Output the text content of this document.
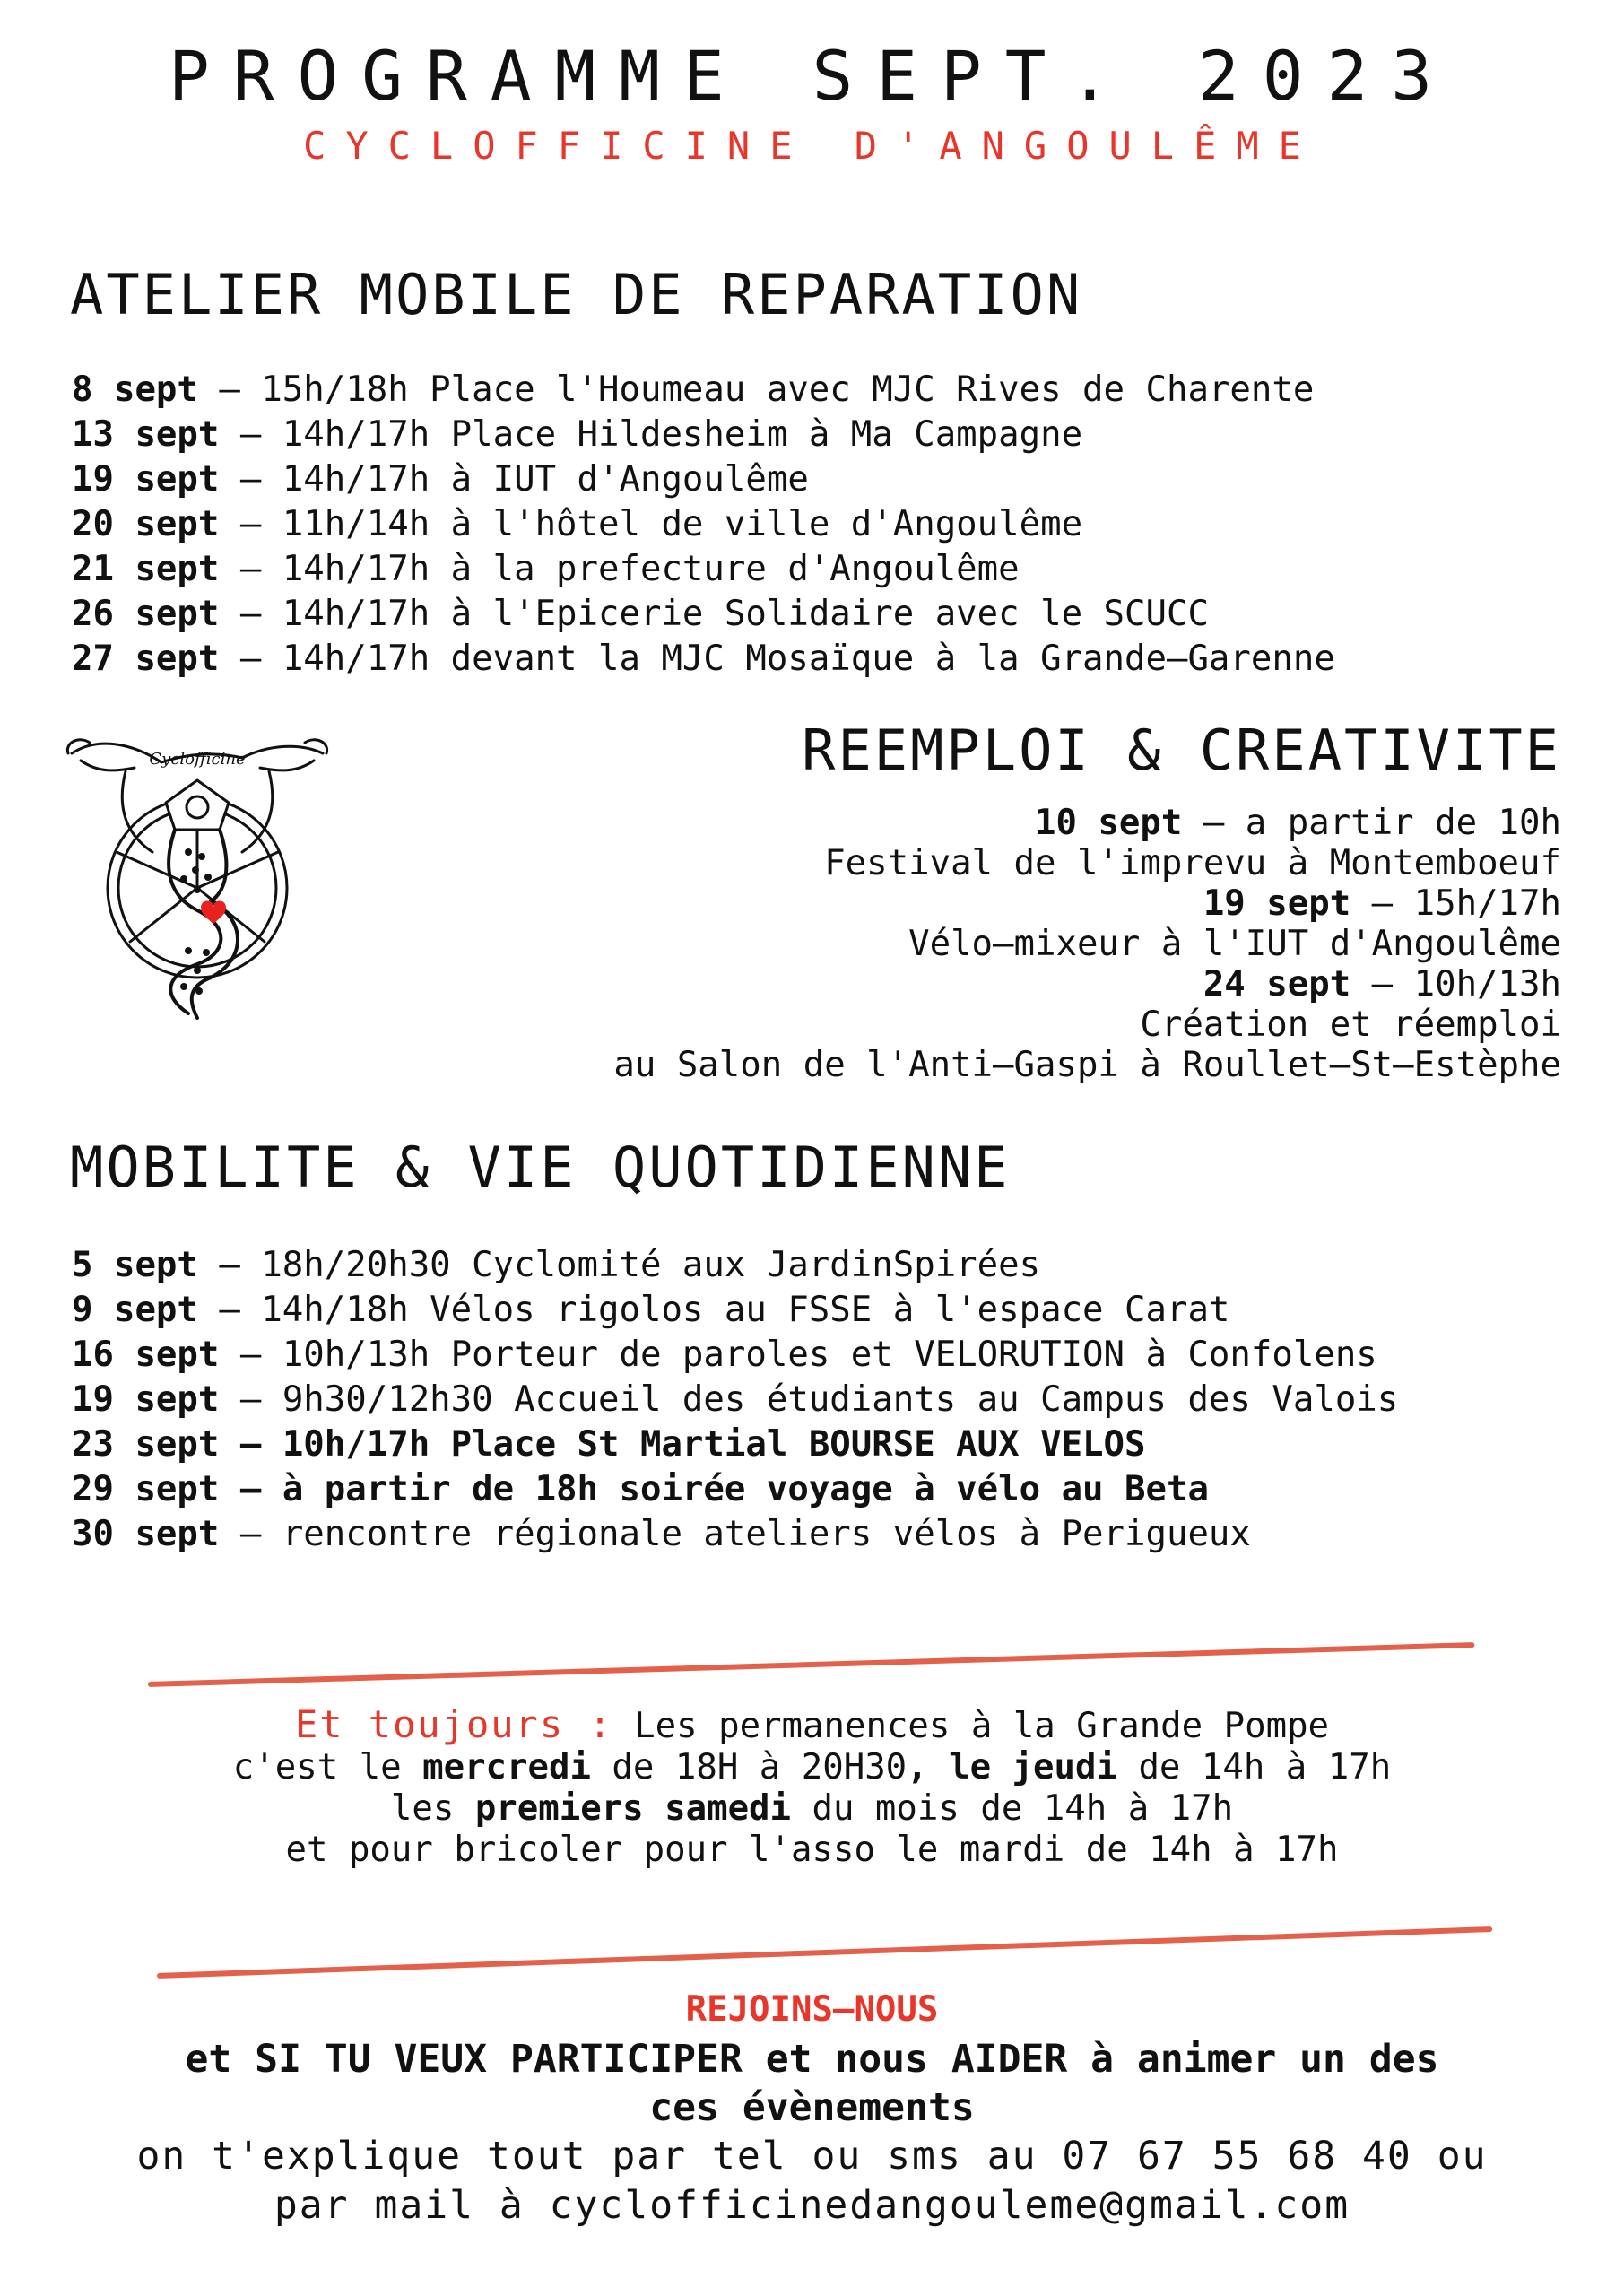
PROGRAMME SEPT. 2023
CYCLOFFICINE D'ANGOULÊME
ATELIER MOBILE DE REPARATION
8 sept – 15h/18h Place l'Houmeau avec MJC Rives de Charente
13 sept – 14h/17h Place Hildesheim à Ma Campagne
19 sept – 14h/17h à IUT d'Angoulême
20 sept – 11h/14h à l'hôtel de ville d'Angoulême
21 sept – 14h/17h à la prefecture d'Angoulême
26 sept – 14h/17h à l'Epicerie Solidaire avec le SCUCC
27 sept – 14h/17h devant la MJC Mosaïque à la Grande–Garenne
Cyclofficine	REEMPLOI & CREATIVITE
10 sept – a partir de 10h
Festival de l'imprevu à Montemboeuf
19 sept – 15h/17h
Vélo–mixeur à l'IUT d'Angoulême
24 sept – 10h/13h
Création et réemploi
au Salon de l'Anti–Gaspi à Roullet–St–Estèphe
MOBILITE & VIE QUOTIDIENNE
5 sept – 18h/20h30 Cyclomité aux JardinSpirées
9 sept – 14h/18h Vélos rigolos au FSSE à l'espace Carat
16 sept – 10h/13h Porteur de paroles et VELORUTION à Confolens
19 sept – 9h30/12h30 Accueil des étudiants au Campus des Valois
23 sept – 10h/17h Place St Martial BOURSE AUX VELOS
29 sept – à partir de 18h soirée voyage à vélo au Beta
30 sept – rencontre régionale ateliers vélos à Perigueux
Et toujours : Les permanences à la Grande Pompe
c'est le mercredi de 18H à 20H30, le jeudi de 14h à 17h
les premiers samedi du mois de 14h à 17h
et pour bricoler pour l'asso le mardi de 14h à 17h
REJOINS–NOUS
et SI TU VEUX PARTICIPER et nous AIDER à animer un des
ces évènements
on t'explique tout par tel ou sms au 07 67 55 68 40 ou
par mail à cyclofficinedangouleme@gmail.com
